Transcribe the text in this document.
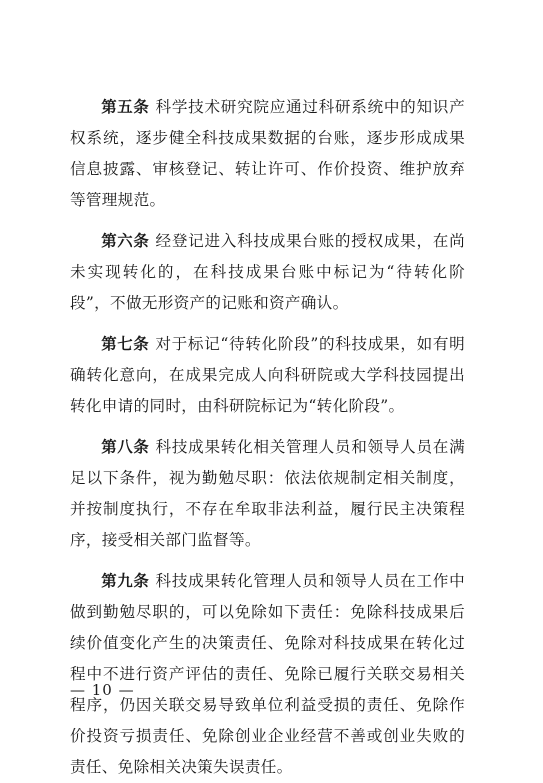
第五条 科学技术研究院应通过科研系统中的知识产权系统，逐步健全科技成果数据的台账，逐步形成成果信息披露、审核登记、转让许可、作价投资、维护放弃等管理规范。

第六条 经登记进入科技成果台账的授权成果，在尚未实现转化的，在科技成果台账中标记为“待转化阶段”，不做无形资产的记账和资产确认。

第七条 对于标记“待转化阶段”的科技成果，如有明确转化意向，在成果完成人向科研院或大学科技园提出转化申请的同时，由科研院标记为“转化阶段”。

第八条 科技成果转化相关管理人员和领导人员在满足以下条件，视为勤勉尽职：依法依规制定相关制度，并按制度执行，不存在牟取非法利益，履行民主决策程序，接受相关部门监督等。

第九条 科技成果转化管理人员和领导人员在工作中做到勤勉尽职的，可以免除如下责任：免除科技成果后续价值变化产生的决策责任、免除对科技成果在转化过程中不进行资产评估的责任、免除已履行关联交易相关程序，仍因关联交易导致单位利益受损的责任、免除作价投资亏损责任、免除创业企业经营不善或创业失败的责任、免除相关决策失误责任。

— 10 —
